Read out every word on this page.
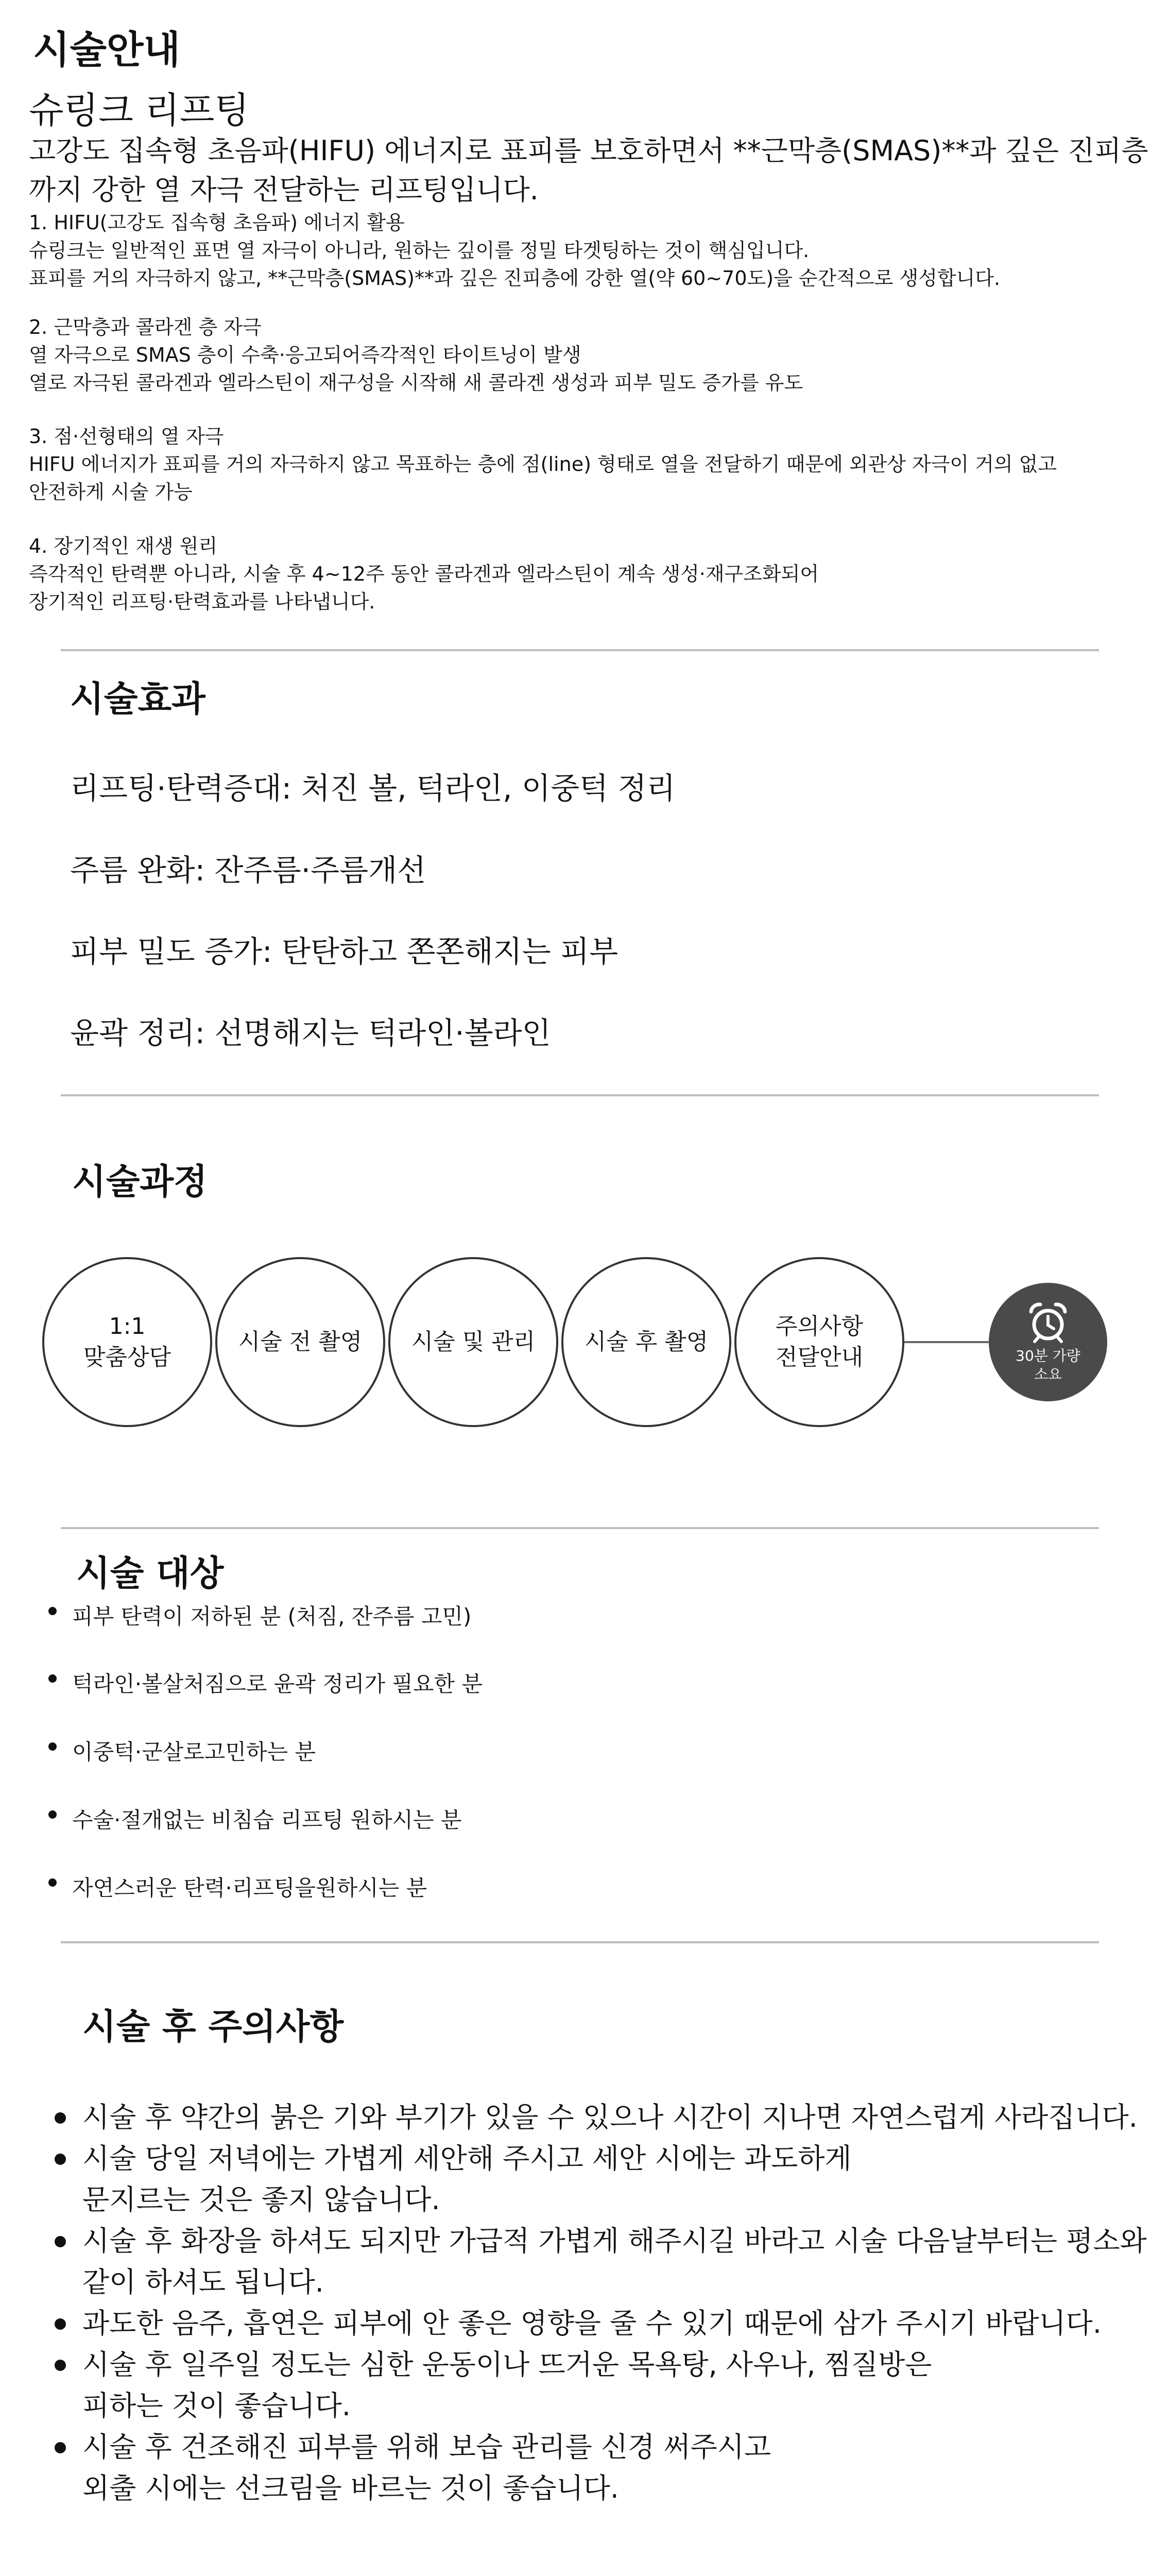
시술안내
슈링크 리프팅
고강도 집속형 초음파(HIFU) 에너지로 표피를 보호하면서 **근막층(SMAS)**과 깊은 진피층까지 강한 열 자극 전달하는 리프팅입니다.
1. HIFU(고강도 집속형 초음파) 에너지 활용
슈링크는 일반적인 표면 열 자극이 아니라, 원하는 깊이를 정밀 타겟팅하는 것이 핵심입니다.
표피를 거의 자극하지 않고, **근막층(SMAS)**과 깊은 진피층에 강한 열(약 60~70도)을 순간적으로 생성합니다.
2. 근막층과 콜라겐 층 자극
열 자극으로 SMAS 층이 수축·응고되어즉각적인 타이트닝이 발생
열로 자극된 콜라겐과 엘라스틴이 재구성을 시작해 새 콜라겐 생성과 피부 밀도 증가를 유도
3. 점·선형태의 열 자극
HIFU 에너지가 표피를 거의 자극하지 않고 목표하는 층에 점(line) 형태로 열을 전달하기 때문에 외관상 자극이 거의 없고
안전하게 시술 가능
4. 장기적인 재생 원리
즉각적인 탄력뿐 아니라, 시술 후 4~12주 동안 콜라겐과 엘라스틴이 계속 생성·재구조화되어
장기적인 리프팅·탄력효과를 나타냅니다.
시술효과
리프팅·탄력증대: 처진 볼, 턱라인, 이중턱 정리
주름 완화: 잔주름·주름개선
피부 밀도 증가: 탄탄하고 쫀쫀해지는 피부
윤곽 정리: 선명해지는 턱라인·볼라인
시술과정
1:1
맞춤상담
시술 전 촬영 시술 및 관리 시술 후 촬영
주의사항
전달안내	30분 가량
소요
시술 대상
피부 탄력이 저하된 분 (처짐, 잔주름 고민)
턱라인·볼살처짐으로 윤곽 정리가 필요한 분
이중턱·군살로고민하는 분
수술·절개없는 비침습 리프팅 원하시는 분
자연스러운 탄력·리프팅을원하시는 분
시술 후 주의사항
시술 후 약간의 붉은 기와 부기가 있을 수 있으나 시간이 지나면 자연스럽게 사라집니다.
시술 당일 저녁에는 가볍게 세안해 주시고 세안 시에는 과도하게
문지르는 것은 좋지 않습니다.
시술 후 화장을 하셔도 되지만 가급적 가볍게 해주시길 바라고 시술 다음날부터는 평소와
같이 하셔도 됩니다.
과도한 음주, 흡연은 피부에 안 좋은 영향을 줄 수 있기 때문에 삼가 주시기 바랍니다.
시술 후 일주일 정도는 심한 운동이나 뜨거운 목욕탕, 사우나, 찜질방은
피하는 것이 좋습니다.
시술 후 건조해진 피부를 위해 보습 관리를 신경 써주시고
외출 시에는 선크림을 바르는 것이 좋습니다.
